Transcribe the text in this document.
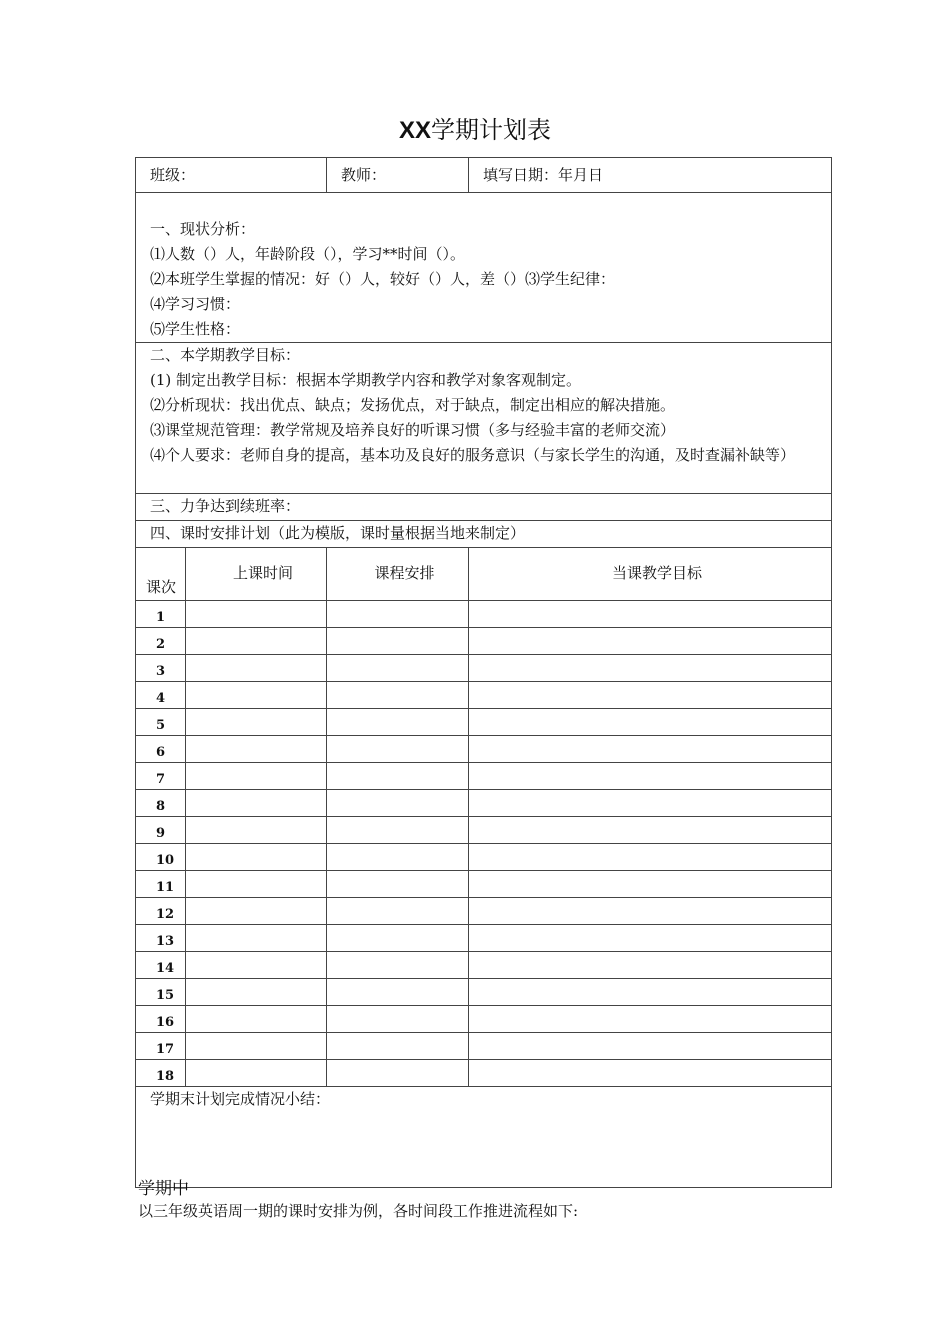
XX学期计划表
班级：		教师：	填写日期：年月日

一、现状分析：
⑴人数（）人，年龄阶段（），学习**时间（）。
⑵本班学生掌握的情况：好（）人，较好（）人，差（）⑶学生纪律：
⑷学习习惯：
⑸学生性格：			

二、本学期教学目标：
(1) 制定出教学目标：根据本学期教学内容和教学对象客观制定。
⑵分析现状：找出优点、缺点；发扬优点，对于缺点，制定出相应的解决措施。
⑶课堂规范管理：教学常规及培养良好的听课习惯（多与经验丰富的老师交流）
⑷个人要求：老师自身的提高，基本功及良好的服务意识（与家长学生的沟通，及时查漏补缺等）			

三、力争达到续班率：			

四、课时安排计划（此为模版，课时量根据当地来制定）			

课次	上课时间	课程安排	当课教学目标

1			
2			
3			
4			
5			
6			
7			
8			
9			
10			
11			
12			
13			
14			
15			
16			
17			
18			

学期末计划完成情况小结：			
学期中
以三年级英语周一期的课时安排为例，各时间段工作推进流程如下:
